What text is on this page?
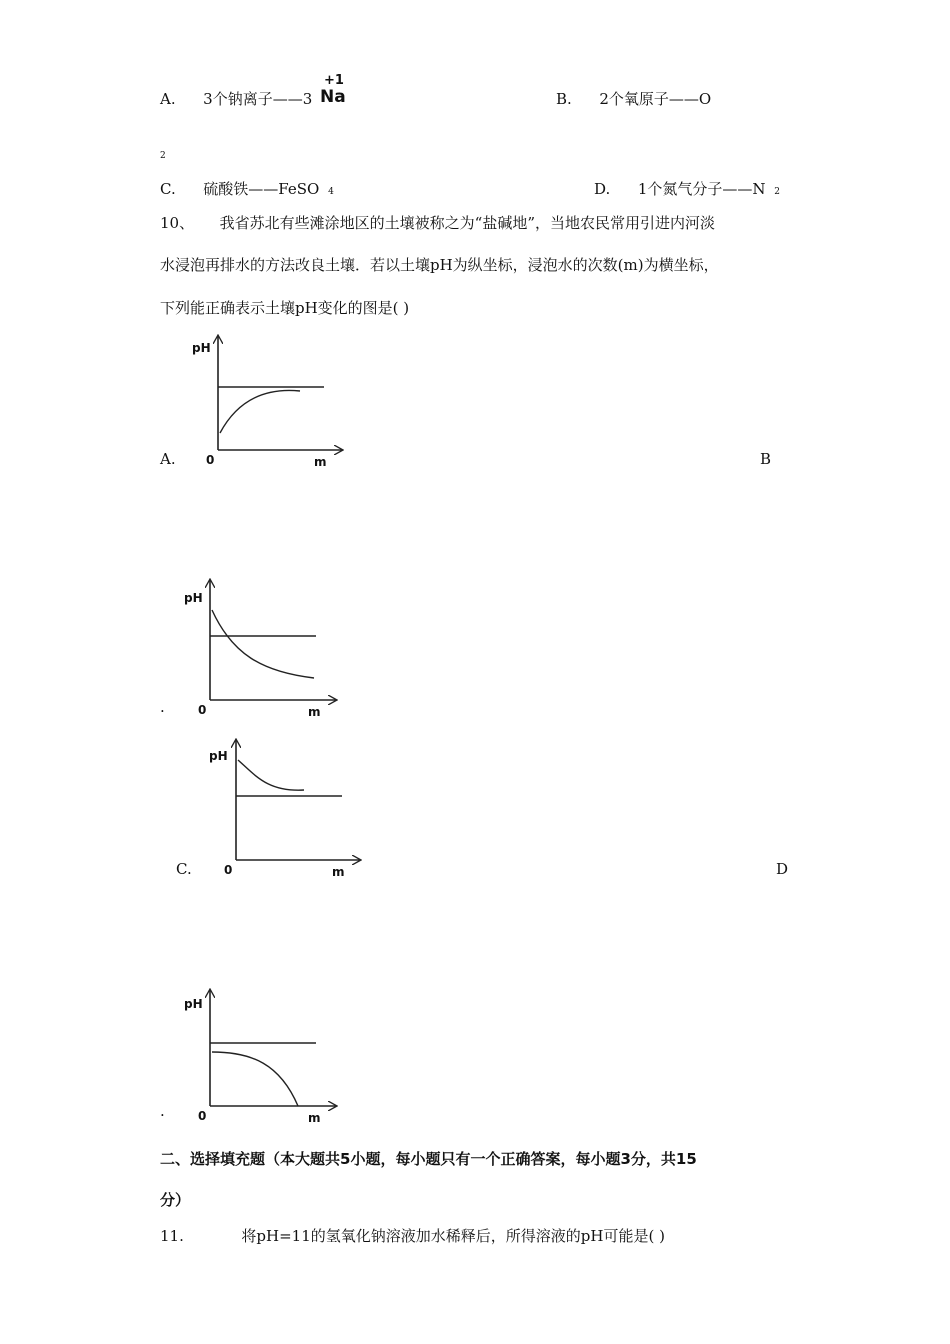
A. 3个钠离子——3
+1
Na	B. 2个氧原子——O
2
C. 硫酸铁——FeSO 4	D. 1个氮气分子——N 2
10、 我省苏北有些滩涂地区的土壤被称之为“盐碱地”，当地农民常用引进内河淡
水浸泡再排水的方法改良土壤．若以土壤pH为纵坐标，浸泡水的次数(m)为横坐标，
下列能正确表示土壤pH变化的图是( )
pH
0	m
A.	B
pH
0	m
.
pH
0	m
C.	D
pH
0	m
.
二、选择填充题（本大题共5小题，每小题只有一个正确答案，每小题3分，共15
分）
11.	将pH=11的氢氧化钠溶液加水稀释后，所得溶液的pH可能是( )
